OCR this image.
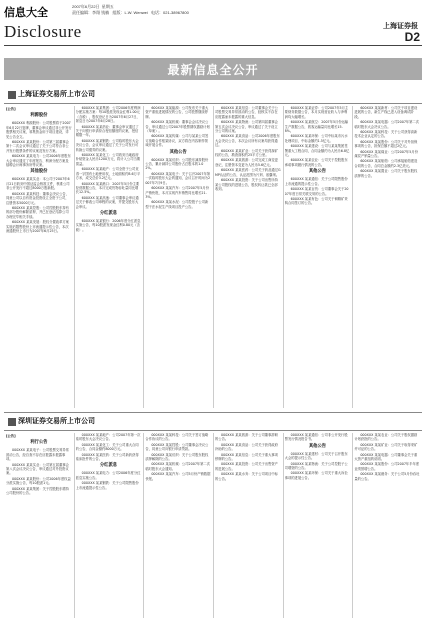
信息大全
Disclosure
2007年6月22日  星期五
责任编辑：李翔 钱楠   组版：L.W. Wenwei   电话：021-38967800
上海证券报
D2
最新信息全公开
上海证券交易所上市公司
[公告]
利源股份
600XXX 利源股份：公司股票将于2007年6月22日复牌，董事会审议通过非公开发行股票相关议案，募集资金用于项目建设，详见公告全文。
600XXX 某某股份：公司第三届董事会第十二次会议审议通过了关于公司符合非公开发行股票条件的议案及发行方案。
600XXX 某某电力：公司2006年度股东大会审议通过了年度报告、利润分配方案及续聘会计师事务所等议案。
其他股份
600XXX 某某实业：本公司于2007年6月21日收到中国证监会核准文件，核准公司非公开发行不超过8000万股新股。
600XXX 某某科技：董事会决议公告，同意公司以自有资金投资设立全资子公司，注册资本5000万元。
600XXX 某某控股：公司控股股东持有的部分股份解除质押，并已在登记结算公司办理完毕相关手续。
600XXX 某某发展：股权分置改革方案实施后限售股份上市流通提示性公告，本次流通股份上市日为2007年6月25日。
600XXX 某某集团：公司2006年度利润分配实施方案：每10股派发现金红利1.00元（含税），股权登记日为2007年6月27日，除息日为2007年6月28日。
600XXX 某某药业：董事会审议通过了关于向银行申请综合授信额度的议案，授信期限一年。
600XXX 某某钢铁：公司临时股东大会决议公告，会议审议通过了关于公司发行可转换公司债券的议案。
600XXX 某某化工：公司收到当地政府补贴资金人民币1200万元，将计入公司当期损益。
600XXX 某某地产：公司全资子公司竞得一宗国有土地使用权，土地面积约8.6万平方米，成交总价3.2亿元。
600XXX 某某港口：2007年5月份主要经营数据公告，本月完成货物吞吐量同比增长12.5%。
600XXX 某某高速：公司董事会审议通过关于修改公司章程的议案，并提交股东大会审议。
分红派息
600XXX 某某银行：2006年度分红派息实施公告，每10股派发现金红利0.80元（含税）。
600XXX 某某能源：公司发布关于重大资产重组进展情况的公告，公司股票继续停牌。
600XXX 某某机械：董事会会议决议公告，审议通过公司2007年股票期权激励计划（草案）。
600XXX 某某传媒：公司与某某公司签订战略合作框架协议，双方将在内容制作领域开展合作。
其他公告
600XXX 某某纺织：公司股东减持股份公告，累计减持公司股份占总股本的1.02%。
600XXX 某某电子：关于召开2007年第一次临时股东大会的通知，会议召开时间为2007年7月9日。
600XXX 某某汽车：公司2007年5月份产销快报，本月实现汽车销售同比增长21.3%。
600XXX 某某水泥：公司控股子公司新型干法水泥生产线项目投产公告。
600XXX 某某信息：公司董事会关于公司股票交易异常波动的公告，经核实不存在应披露而未披露的重大信息。
600XXX 某某物流：公司第四届董事会第五次会议决议公告，审议通过了关于设立分公司的议案。
600XXX 某某食品：公司2006年度股东大会决议公告，本次会议所有议案均获得通过。
600XXX 某某矿业：公司关于获得探矿权的公告，勘查面积约25平方公里。
600XXX 某某旅游：公司完成工商变更登记，注册资本变更为人民币5.6亿元。
600XXX 某某医药：公司关于药品通过GMP认证的公告，认证范围为片剂、胶囊剂。
600XXX 某某投资：关于公司出售所持某公司股权的进展公告，股权转让款已全部收到。
600XXX 某某证券：公司2007年5月主要财务数据公告，本月实现营业收入与净利润均大幅增长。
600XXX 某某航空：2007年5月份运输生产数据公告，旅客运输量同比增长15.8%。
600XXX 某某环保：公司中标某市污水处理项目，中标金额约1.5亿元。
600XXX 某某建设：公司与某某集团签署重大工程合同，合同金额约为人民币6.8亿元。
600XXX 某某农业：公司关于控股股东承诺事项履行情况的公告。
其他公告
600XXX 某某通信：关于公司限售股份上市流通的提示性公告。
600XXX 某某百货：公司董事会关于2007年度日常关联交易的公告。
600XXX 某某有色：公司关于铜精矿采购合同签订的公告。
600XXX 某某新材：公司关于项目建设进展的公告，新生产线已进入设备调试阶段。
600XXX 某某电器：公司2007年第二次临时股东大会决议公告。
600XXX 某某科技：关于公司获得高新技术企业认定的公告。
600XXX 某某股份：公司关于对外担保事项的公告，担保总额不超过2亿元。
600XXX 某某煤业：公司2007年5月份煤炭产销量公告。
600XXX 某某船舶：公司承接船舶建造合同的公告，合同总金额约2.3亿美元。
600XXX 某某置业：公司关于股东股权质押的公告。
深圳证券交易所上市公司
[公告]
利行公告
000XXX 某某电子：公司股票交易异常波动公告，经自查不存在应披露未披露事项。
000XXX 某某实业：公司第五届董事会第八次会议决议公告，审议通过对外投资议案。
000XXX 某某股份：公司2006年度权益分派实施公告，每10股派1元。
000XXX 某某集团：关于控股股东增持公司股份的公告。
000XXX 某某地产：公司2007年第一次临时股东大会决议公告。
000XXX 某某化工：关于公司重大合同的公告，合同金额约8000万元。
000XXX 某某医药：关于公司新药获得临床批件的公告。
分红派息
000XXX 某某电力：公司2006年度分红派息实施公告。
000XXX 某某钢铁：关于公司限售股份上市流通提示性公告。
000XXX 某某科技：公司关于签订战略合作协议的公告。
000XXX 某某控股：公司董事会决议公告，同意公司向银行申请贷款。
000XXX 某某纺织：关于公司股东股权质押解除的公告。
000XXX 某某机械：公司2007年第二次临时股东大会通知。
000XXX 某某汽车：公司5月份产销数据快报。
000XXX 某某旅游：关于公司董事辞职的公告。
000XXX 某某食品：公司关于获得政府补助的公告。
000XXX 某某信息：公司关于重大事项停牌的公告。
000XXX 某某投资：公司关于出售资产的进展公告。
000XXX 某某水务：关于公司项目中标的公告。
000XXX 某某通信：公司非公开发行股票发行情况报告书。
其他公告
000XXX 某某建材：公司关于召开股东大会的提示性公告。
000XXX 某某物流：关于公司控股子公司增资的公告。
000XXX 某某环保：公司关于重大诉讼事项的进展公告。
000XXX 某某农业：公司关于股权激励计划获批的公告。
000XXX 某某矿业：公司关于取得采矿许可证的公告。
000XXX 某某电器：公司董事会关于重大资产重组的说明。
000XXX 某某股份：公司2007年半年度业绩预增公告。
000XXX 某某港务：关于公司5月份吞吐量的公告。
